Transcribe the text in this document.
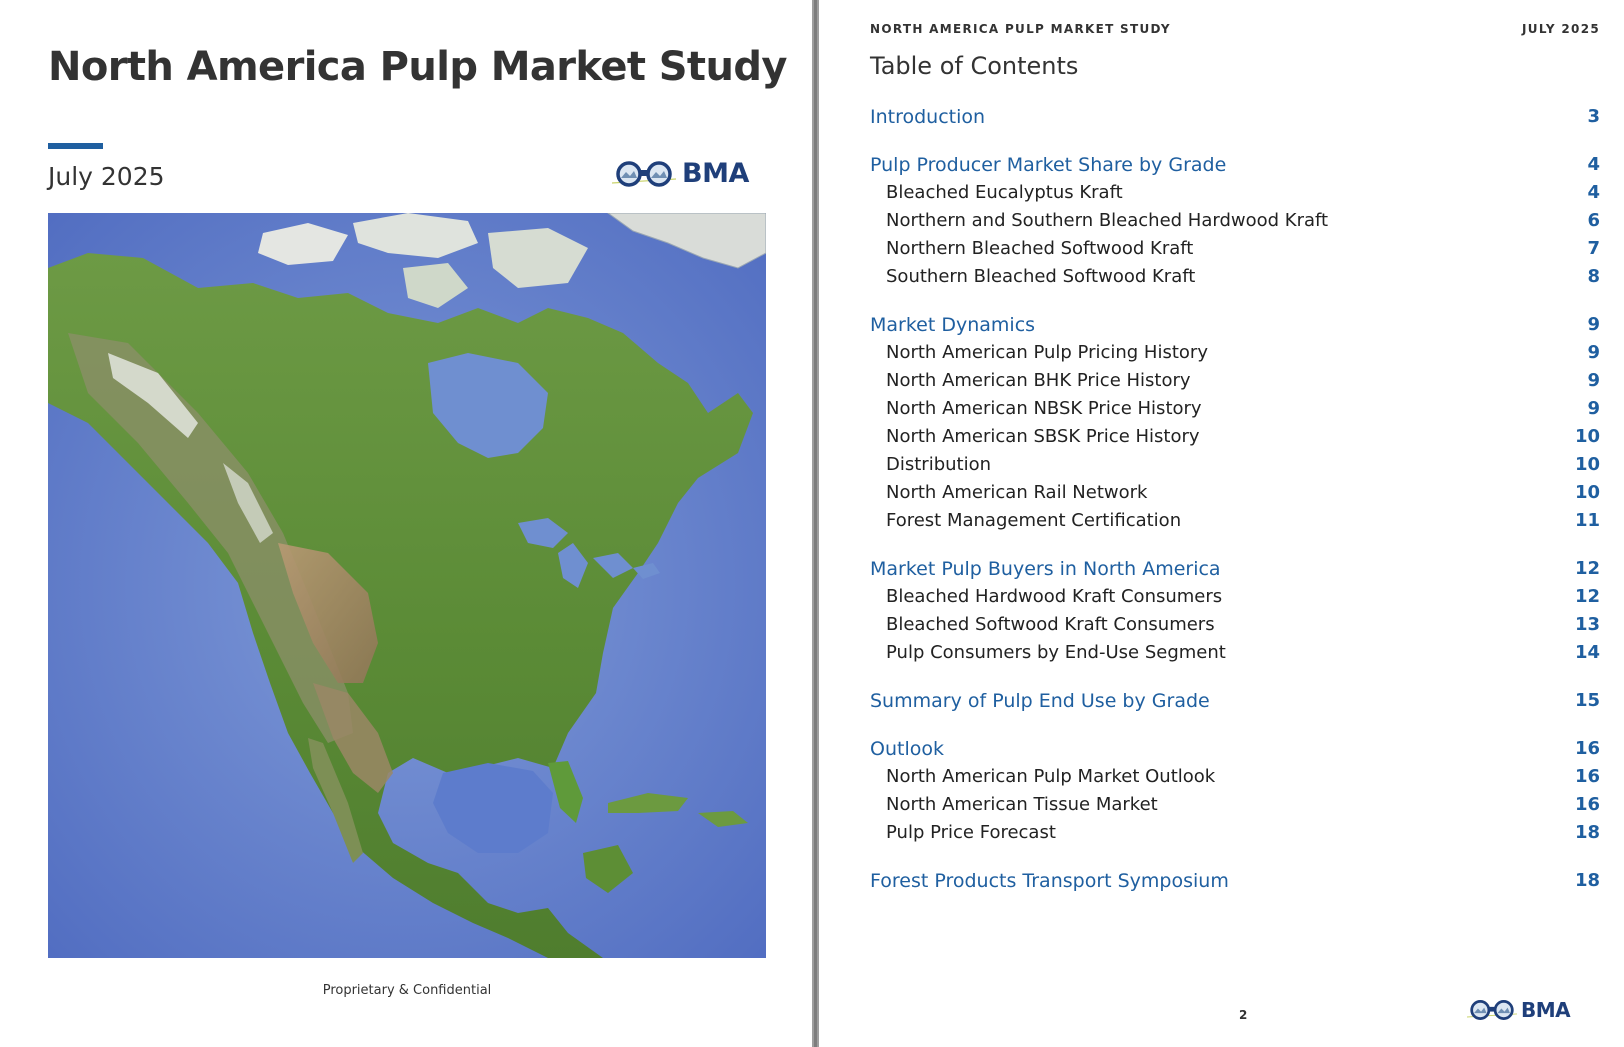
North America Pulp Market Study
July 2025	BMA
Proprietary & Confidential
NORTH AMERICA PULP MARKET STUDY	JULY 2025
Table of Contents
Introduction	3
Pulp Producer Market Share by Grade	4
Bleached Eucalyptus Kraft	4
Northern and Southern Bleached Hardwood Kraft	6
Northern Bleached Softwood Kraft	7
Southern Bleached Softwood Kraft	8
Market Dynamics	9
North American Pulp Pricing History	9
North American BHK Price History	9
North American NBSK Price History	9
North American SBSK Price History	10
Distribution	10
North American Rail Network	10
Forest Management Certification	11
Market Pulp Buyers in North America	12
Bleached Hardwood Kraft Consumers	12
Bleached Softwood Kraft Consumers	13
Pulp Consumers by End-Use Segment	14
Summary of Pulp End Use by Grade	15
Outlook	16
North American Pulp Market Outlook	16
North American Tissue Market	16
Pulp Price Forecast	18
Forest Products Transport Symposium	18
2	BMA
